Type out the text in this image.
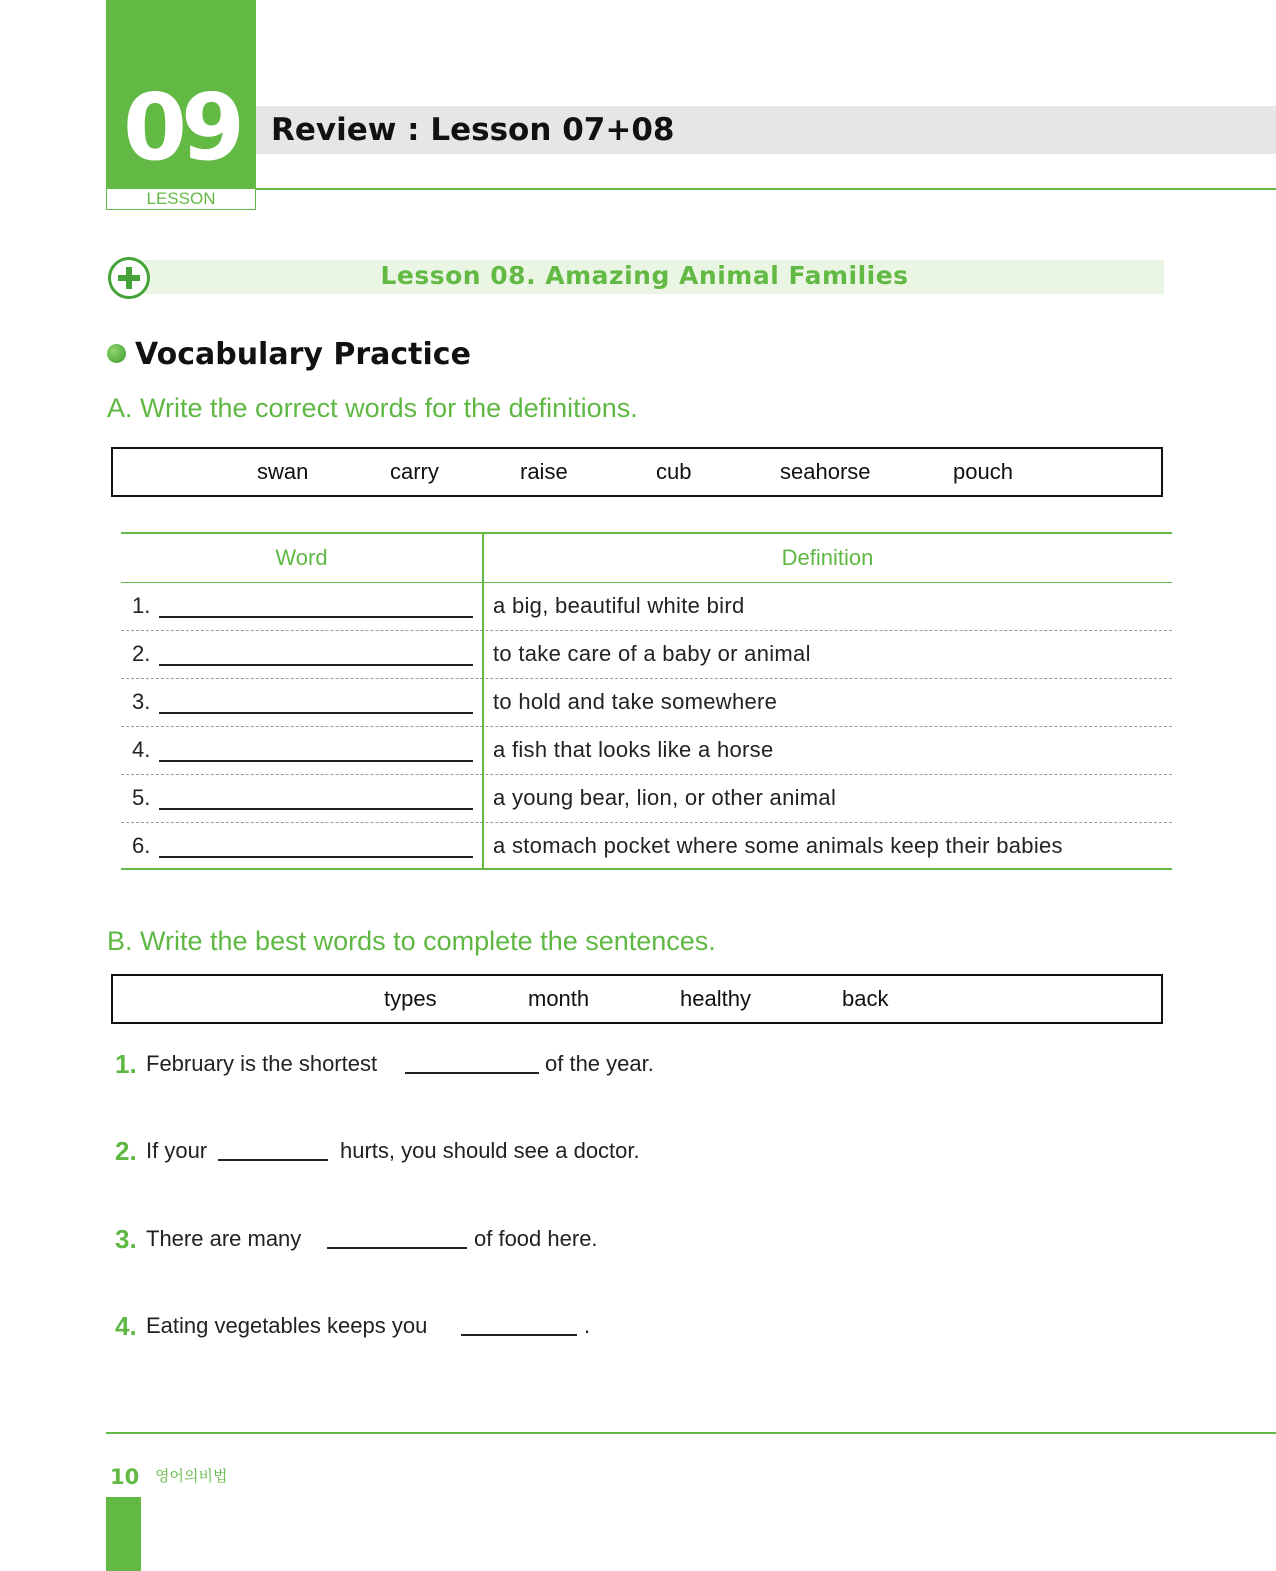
09
LESSON
Review : Lesson 07+08
Lesson 08. Amazing Animal Families
Vocabulary Practice
A. Write the correct words for the definitions.
swan	carry	raise	cub	seahorse	pouch
Word	Definition
1.	a big, beautiful white bird
2.	to take care of a baby or animal
3.	to hold and take somewhere
4.	a fish that looks like a horse
5.	a young bear, lion, or other animal
6.	a stomach pocket where some animals keep their babies
B. Write the best words to complete the sentences.
types	month	healthy	back
1. February is the shortest	of the year.
2. If your	hurts, you should see a doctor.
3. There are many	of food here.
4. Eating vegetables keeps you	.
10 영어의비법
